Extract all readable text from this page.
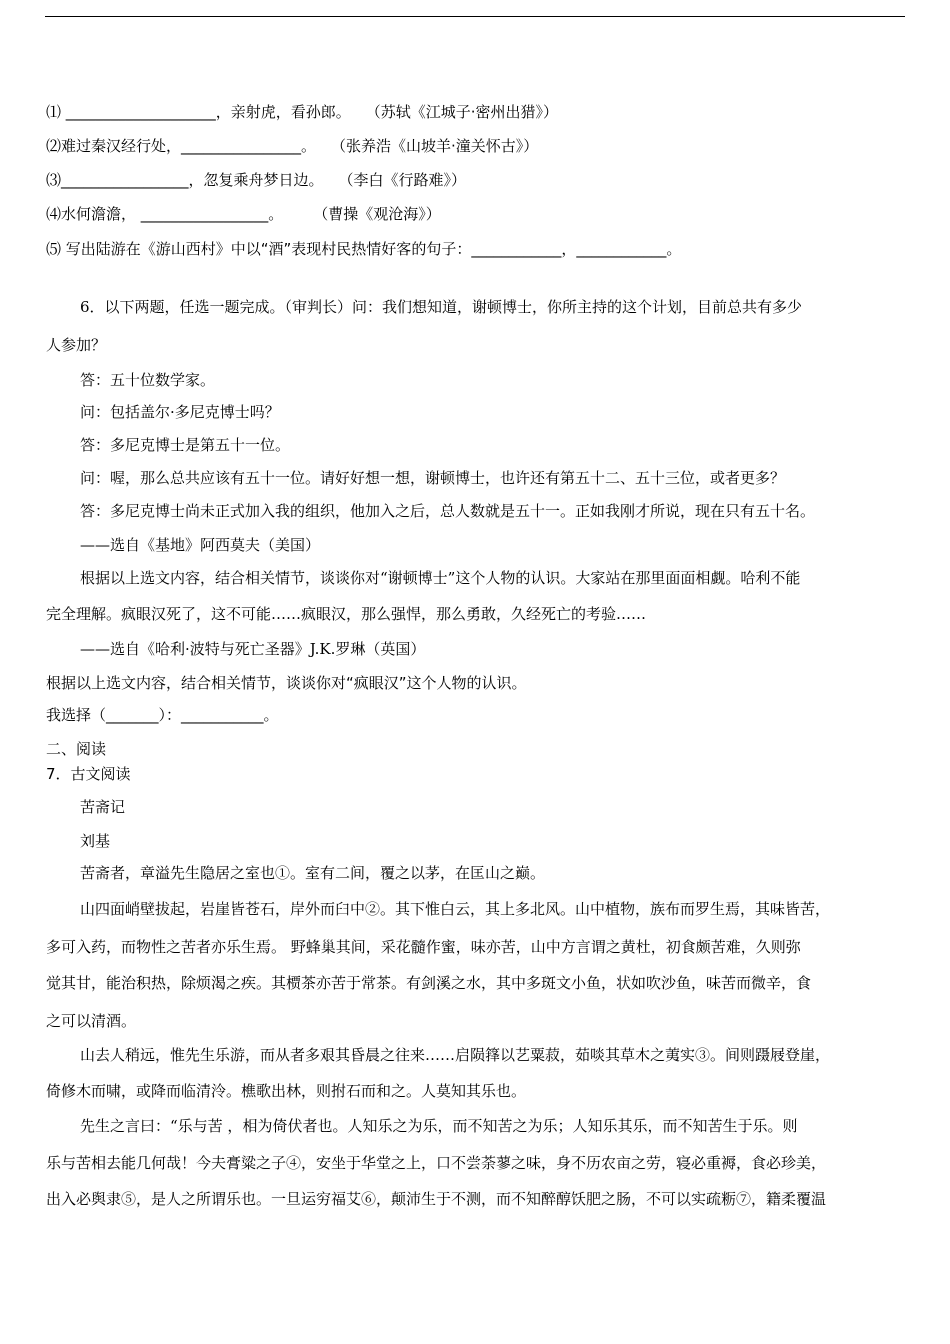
⑴ ____________________，亲射虎，看孙郎。　　（苏轼《江城子·密州出猎》）
⑵难过秦汉经行处，________________。　　（张养浩《山坡羊·潼关怀古》）
⑶_________________，忽复乘舟梦日边。　　（李白《行路难》）
⑷水何澹澹， _________________。　　　（曹操《观沧海》）
⑸ 写出陆游在《游山西村》中以“酒”表现村民热情好客的句子：____________，____________。
6．以下两题，任选一题完成。（审判长）问：我们想知道，谢顿博士，你所主持的这个计划，目前总共有多少
人参加？
答：五十位数学家。
问：包括盖尔·多尼克博士吗？
答：多尼克博士是第五十一位。
问：喔，那么总共应该有五十一位。请好好想一想，谢顿博士，也许还有第五十二、五十三位，或者更多？
答：多尼克博士尚未正式加入我的组织，他加入之后，总人数就是五十一。正如我刚才所说，现在只有五十名。
——选自《基地》阿西莫夫（美国）
根据以上选文内容，结合相关情节，谈谈你对“谢顿博士”这个人物的认识。大家站在那里面面相觑。哈利不能
完全理解。疯眼汉死了，这不可能……疯眼汉，那么强悍，那么勇敢，久经死亡的考验……
——选自《哈利·波特与死亡圣器》J.K.罗琳（英国）
根据以上选文内容，结合相关情节，谈谈你对“疯眼汉”这个人物的认识。
我选择（_______）：___________。
二、阅读
7．古文阅读
苦斋记
刘基
苦斋者，章溢先生隐居之室也①。室有二间，覆之以茅，在匡山之巅。
山四面峭壁拔起，岩崖皆苍石，岸外而臼中②。其下惟白云，其上多北风。山中植物，族布而罗生焉，其味皆苦，
多可入药，而物性之苦者亦乐生焉。 野蜂巢其间，采花髓作蜜，味亦苦，山中方言谓之黄杜，初食颇苦难，久则弥
觉其甘，能治积热，除烦渴之疾。其槚茶亦苦于常茶。有剑溪之水，其中多斑文小鱼，状如吹沙鱼，味苦而微辛，食
之可以清酒。
山去人稍远，惟先生乐游，而从者多艰其昏晨之往来……启陨箨以艺粟菽，茹啖其草木之荑实③。间则蹑屐登崖，
倚修木而啸，或降而临清泠。樵歌出林，则拊石而和之。人莫知其乐也。
先生之言曰：“乐与苦 ，相为倚伏者也。人知乐之为乐，而不知苦之为乐；人知乐其乐，而不知苦生于乐。则
乐与苦相去能几何哉！今夫膏粱之子④，安坐于华堂之上，口不尝荼蓼之味，身不历农亩之劳，寝必重褥，食必珍美，
出入必舆隶⑤，是人之所谓乐也。一旦运穷福艾⑥，颠沛生于不测，而不知醉醇饫肥之肠，不可以实疏粝⑦，籍柔覆温
